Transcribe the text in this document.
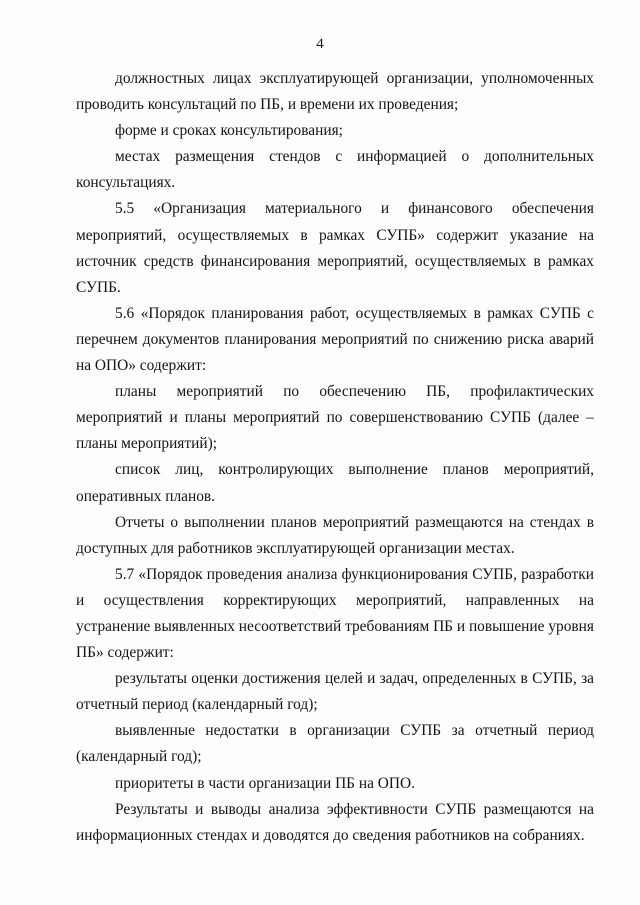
4

должностных лицах эксплуатирующей организации, уполномоченных проводить консультаций по ПБ, и времени их проведения;

форме и сроках консультирования;

местах размещения стендов с информацией о дополнительных консультациях.

5.5 «Организация материального и финансового обеспечения мероприятий, осуществляемых в рамках СУПБ» содержит указание на источник средств финансирования мероприятий, осуществляемых в рамках СУПБ.

5.6 «Порядок планирования работ, осуществляемых в рамках СУПБ с перечнем документов планирования мероприятий по снижению риска аварий на ОПО» содержит:

планы мероприятий по обеспечению ПБ, профилактических мероприятий и планы мероприятий по совершенствованию СУПБ (далее – планы мероприятий);

список лиц, контролирующих выполнение планов мероприятий, оперативных планов.

Отчеты о выполнении планов мероприятий размещаются на стендах в доступных для работников эксплуатирующей организации местах.

5.7 «Порядок проведения анализа функционирования СУПБ, разработки и осуществления корректирующих мероприятий, направленных на устранение выявленных несоответствий требованиям ПБ и повышение уровня ПБ» содержит:

результаты оценки достижения целей и задач, определенных в СУПБ, за отчетный период (календарный год);

выявленные недостатки в организации СУПБ за отчетный период (календарный год);

приоритеты в части организации ПБ на ОПО.

Результаты и выводы анализа эффективности СУПБ размещаются на информационных стендах и доводятся до сведения работников на собраниях.
